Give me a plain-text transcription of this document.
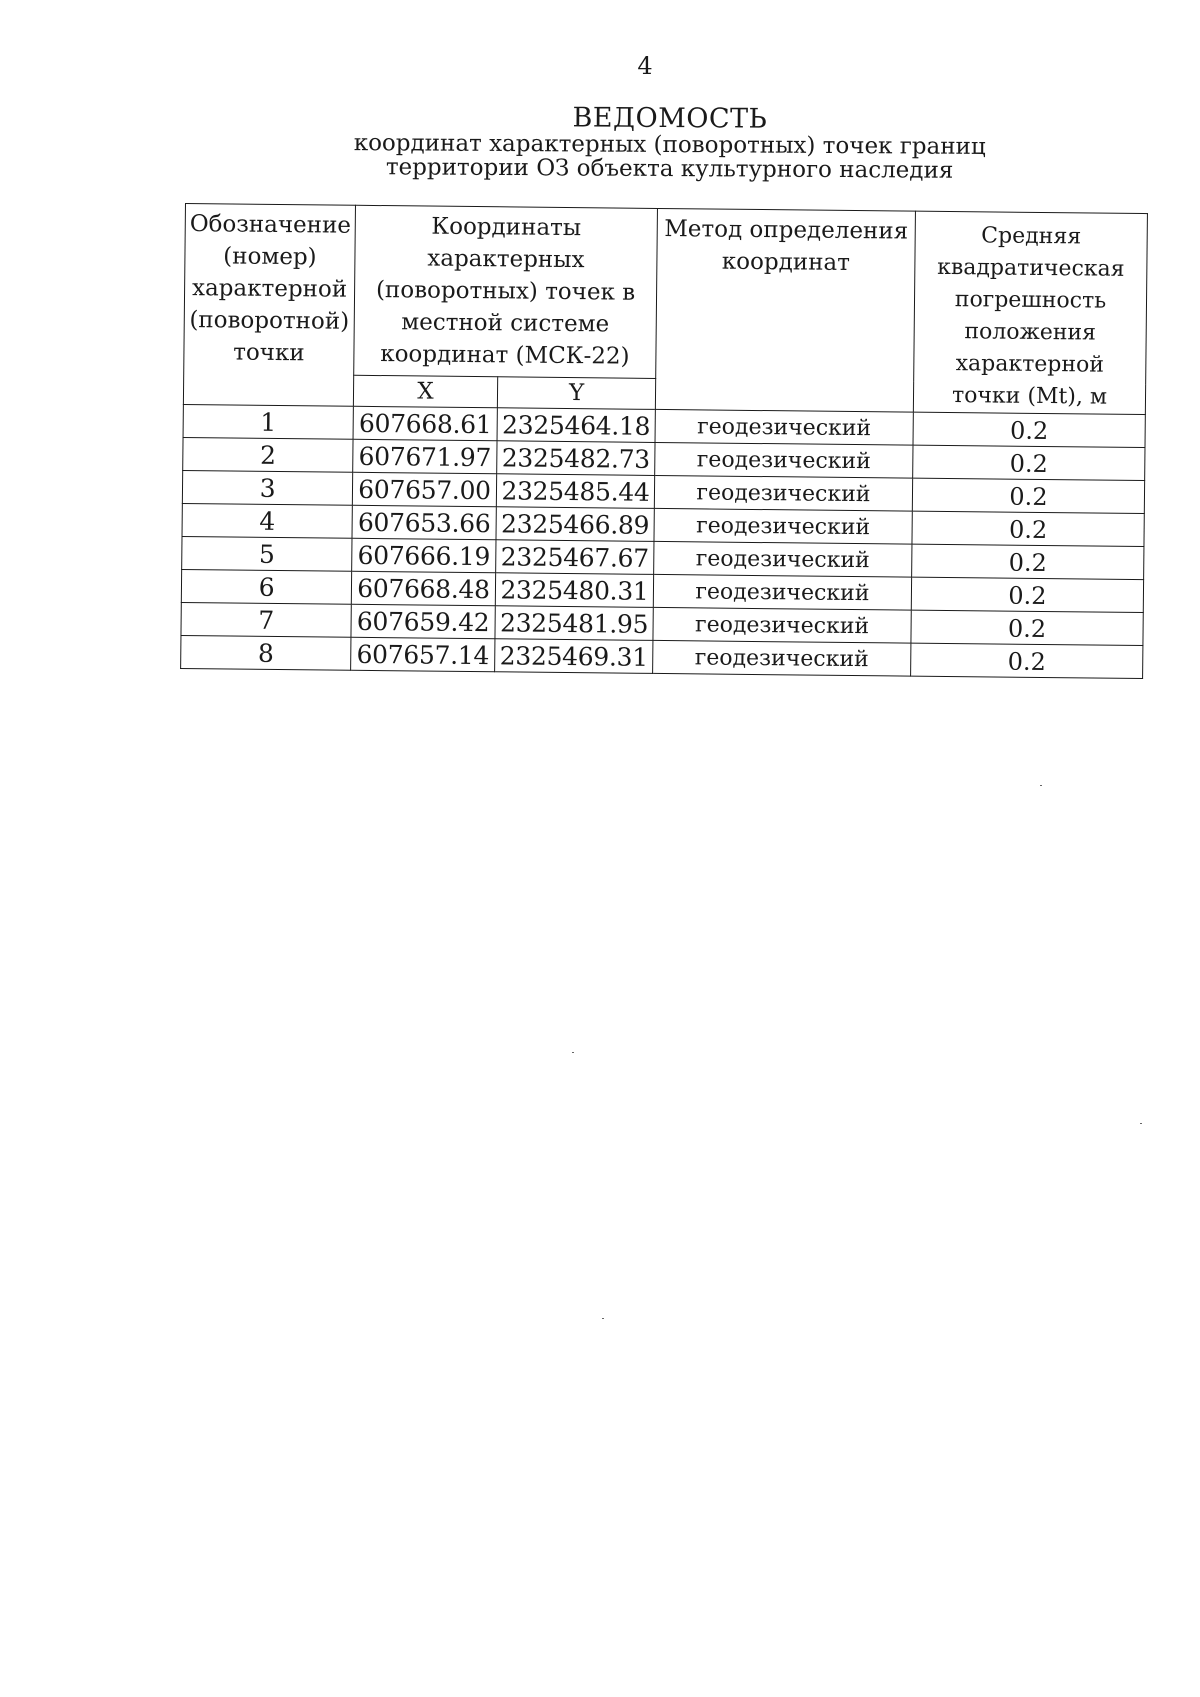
4
ВЕДОМОСТЬ
координат характерных (поворотных) точек границ
территории ОЗ объекта культурного наследия
Обозначение (номер) характерной (поворотной) точки	Координаты характерных (поворотных) точек в местной системе координат (МСК-22)		Метод определения координат	Средняя квадратическая погрешность положения характерной точки (Mt), м
	X	Y		
1	607668.61	2325464.18	геодезический	0.2
2	607671.97	2325482.73	геодезический	0.2
3	607657.00	2325485.44	геодезический	0.2
4	607653.66	2325466.89	геодезический	0.2
5	607666.19	2325467.67	геодезический	0.2
6	607668.48	2325480.31	геодезический	0.2
7	607659.42	2325481.95	геодезический	0.2
8	607657.14	2325469.31	геодезический	0.2
